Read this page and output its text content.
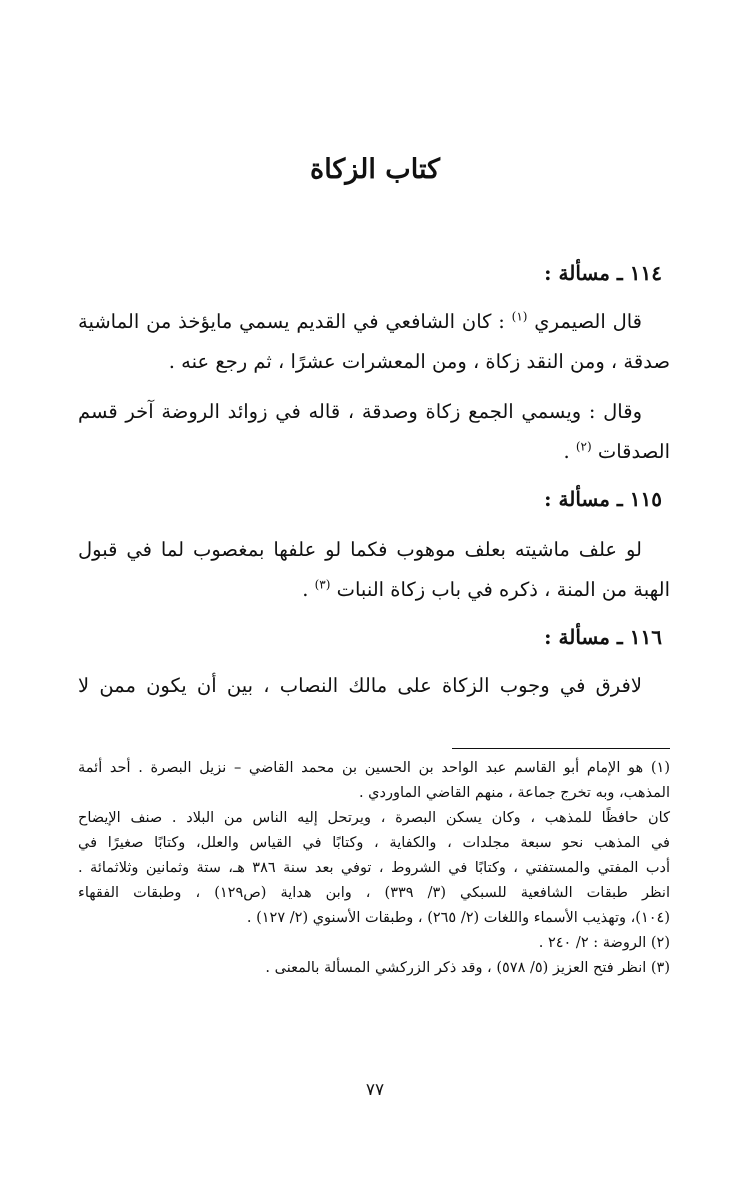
كتاب الزكاة
١١٤ ـ مسألة :
قال الصيمري $^{(١)}$ : كان الشافعي في القديم يسمي مايؤخذ من الماشية
صدقة ، ومن النقد زكاة ، ومن المعشرات عشرًا ، ثم رجع عنه .
وقال : ويسمي الجمع زكاة وصدقة ، قاله في زوائد الروضة آخر قسم
الصدقات $^{(٢)}$ .
١١٥ ـ مسألة :
لو علف ماشيته بعلف موهوب فكما لو علفها بمغصوب لما في قبول
الهبة من المنة ، ذكره في باب زكاة النبات $^{(٣)}$ .
١١٦ ـ مسألة :
لافرق في وجوب الزكاة على مالك النصاب ، بين أن يكون ممن لا
(١) هو الإمام أبو القاسم عبد الواحد بن الحسين بن محمد القاضي – نزيل البصرة . أحد أئمة
المذهب، وبه تخرج جماعة ، منهم القاضي الماوردي .
كان حافظًا للمذهب ، وكان يسكن البصرة ، ويرتحل إليه الناس من البلاد . صنف الإيضاح
في المذهب نحو سبعة مجلدات ، والكفاية ، وكتابًا في القياس والعلل، وكتابًا صغيرًا في
أدب المفتي والمستفتي ، وكتابًا في الشروط ، توفي بعد سنة ٣٨٦ هـ، ستة وثمانين وثلاثمائة .
انظر طبقات الشافعية للسبكي (٣/ ٣٣٩) ، وابن هداية (ص١٢٩) ، وطبقات الفقهاء
(١٠٤)، وتهذيب الأسماء واللغات (٢/ ٢٦٥) ، وطبقات الأسنوي (٢/ ١٢٧) .
(٢) الروضة : ٢/ ٢٤٠ .
(٣) انظر فتح العزيز (٥/ ٥٧٨) ، وقد ذكر الزركشي المسألة بالمعنى .
٧٧
